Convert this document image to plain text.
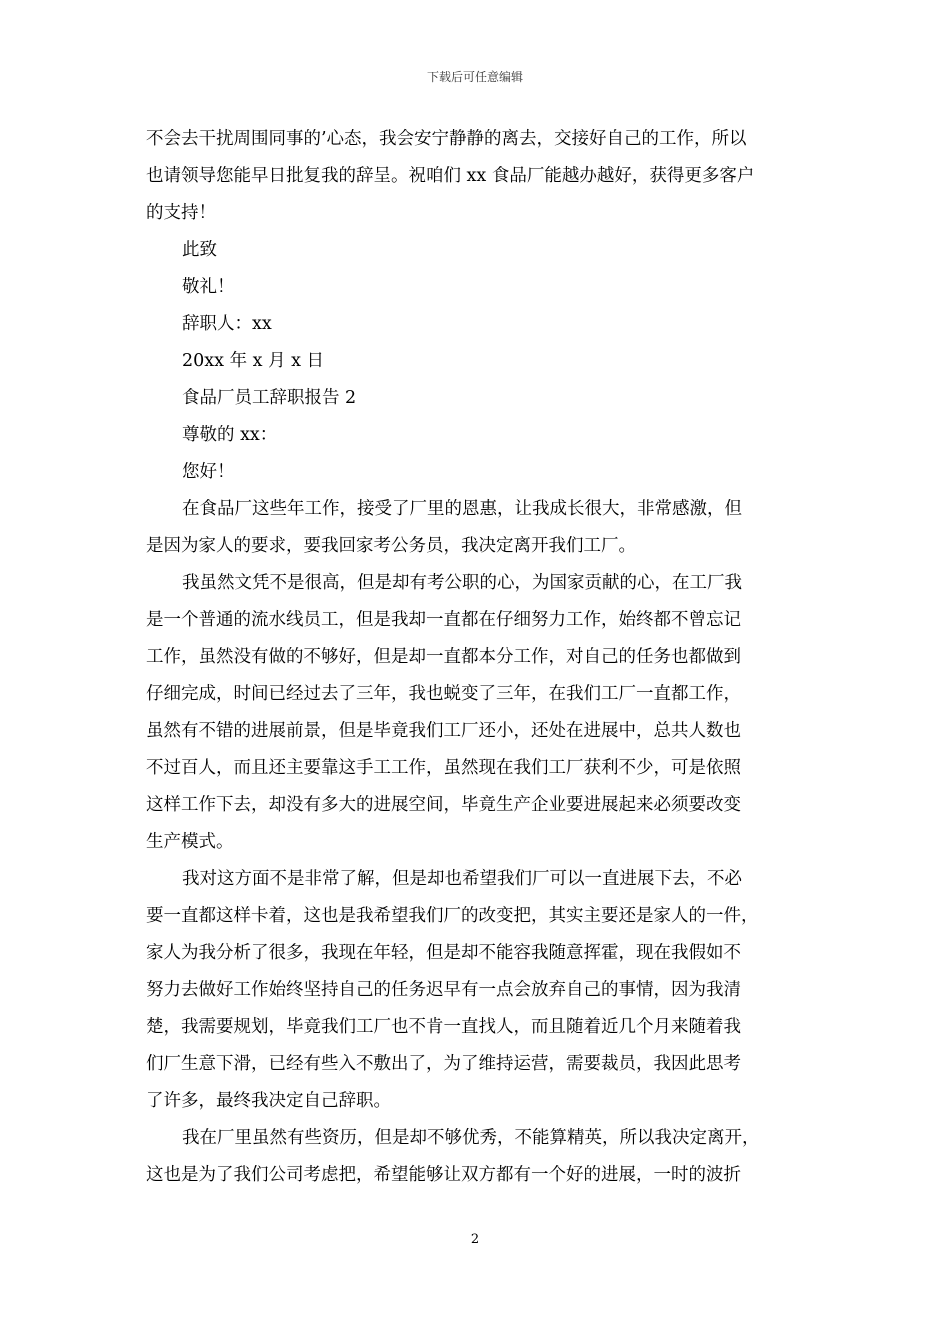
下载后可任意编辑
不会去干扰周围同事的’心态，我会安宁静静的离去，交接好自己的工作，所以
也请领导您能早日批复我的辞呈。祝咱们 xx 食品厂能越办越好，获得更多客户
的支持！
此致
敬礼！
辞职人：xx
20xx 年 x 月 x 日
食品厂员工辞职报告 2
尊敬的 xx：
您好！
在食品厂这些年工作，接受了厂里的恩惠，让我成长很大，非常感激，但
是因为家人的要求，要我回家考公务员，我决定离开我们工厂。
我虽然文凭不是很高，但是却有考公职的心，为国家贡献的心，在工厂我
是一个普通的流水线员工，但是我却一直都在仔细努力工作，始终都不曾忘记
工作，虽然没有做的不够好，但是却一直都本分工作，对自己的任务也都做到
仔细完成，时间已经过去了三年，我也蜕变了三年，在我们工厂一直都工作，
虽然有不错的进展前景，但是毕竟我们工厂还小，还处在进展中，总共人数也
不过百人，而且还主要靠这手工工作，虽然现在我们工厂获利不少，可是依照
这样工作下去，却没有多大的进展空间，毕竟生产企业要进展起来必须要改变
生产模式。
我对这方面不是非常了解，但是却也希望我们厂可以一直进展下去，不必
要一直都这样卡着，这也是我希望我们厂的改变把，其实主要还是家人的一件，
家人为我分析了很多，我现在年轻，但是却不能容我随意挥霍，现在我假如不
努力去做好工作始终坚持自己的任务迟早有一点会放弃自己的事情，因为我清
楚，我需要规划，毕竟我们工厂也不肯一直找人，而且随着近几个月来随着我
们厂生意下滑，已经有些入不敷出了，为了维持运营，需要裁员，我因此思考
了许多，最终我决定自己辞职。
我在厂里虽然有些资历，但是却不够优秀，不能算精英，所以我决定离开，
这也是为了我们公司考虑把，希望能够让双方都有一个好的进展，一时的波折
2
